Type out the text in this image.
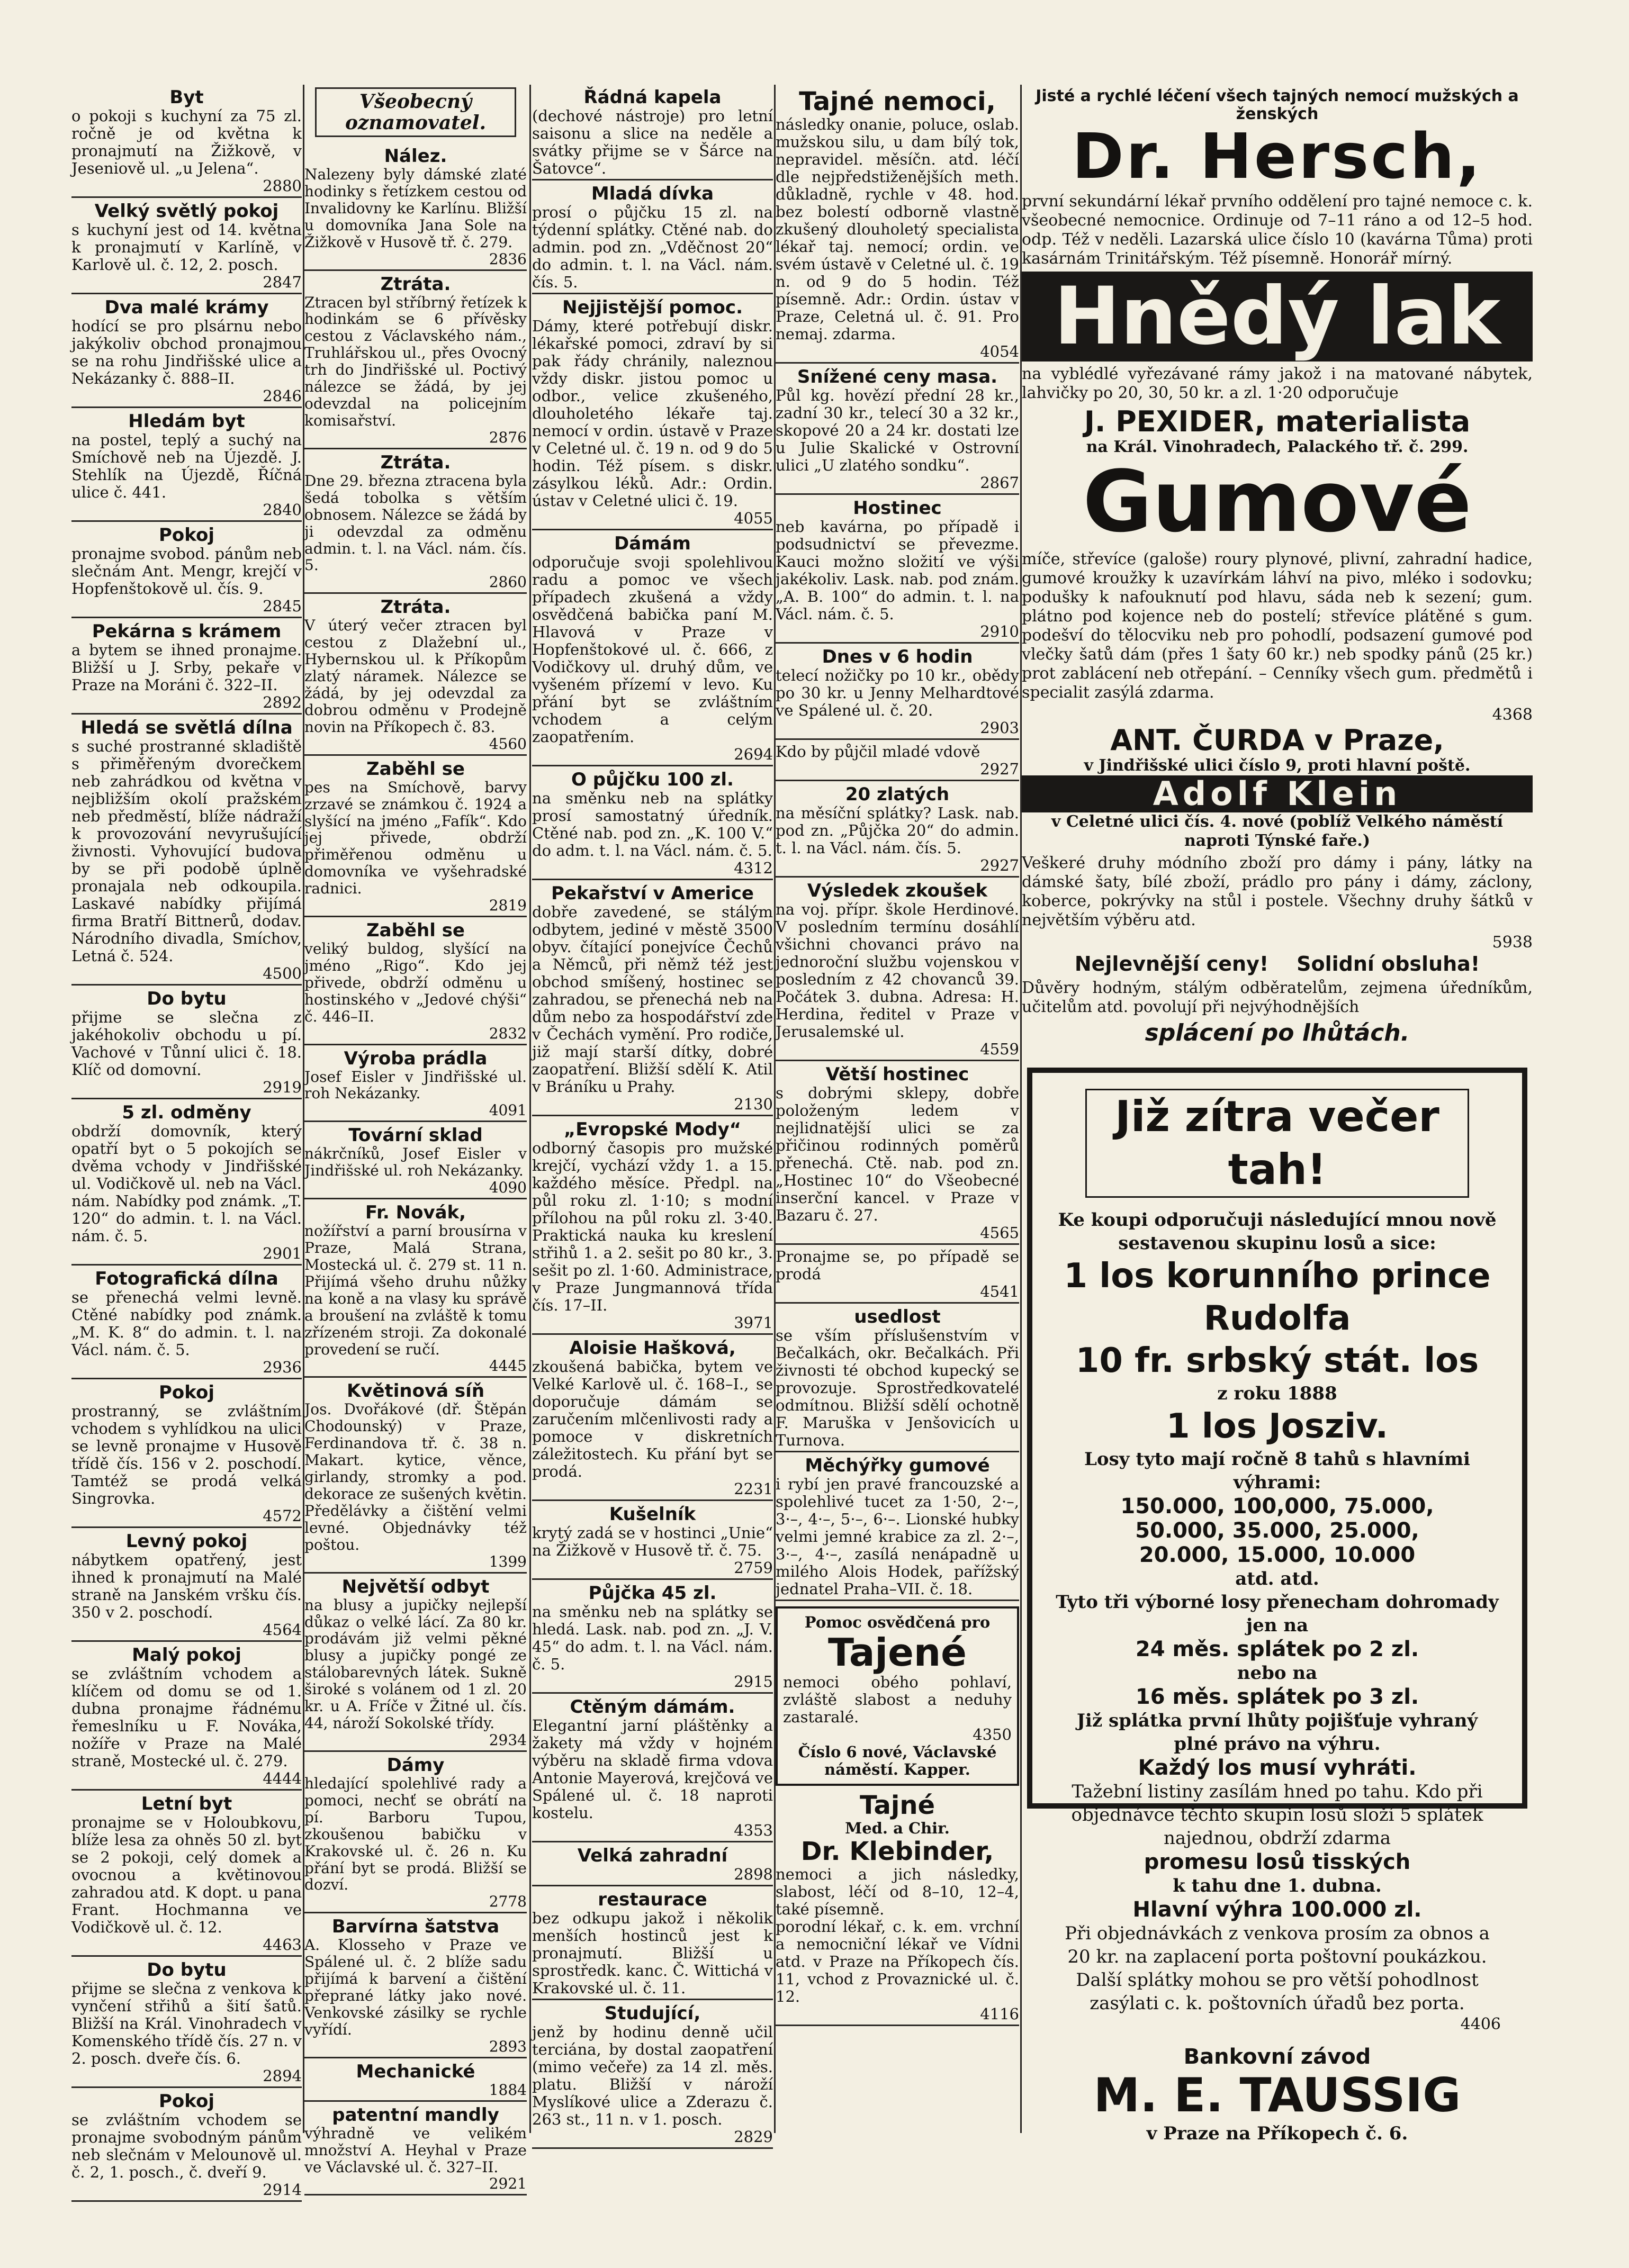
Byt
o pokoji s kuchyní za 75 zl. ročně je od května k pronajmutí na Žižkově, v Jeseniově ul. „u Jelena“.
2880
Velký světlý pokoj
s kuchyní jest od 14. května k pronajmutí v Karlíně, v Karlově ul. č. 12, 2. posch.
2847
Dva malé krámy
hodící se pro plsárnu nebo jakýkoliv obchod pronajmou se na rohu Jindřišské ulice a Nekázanky č. 888–II.
2846
Hledám byt
na postel, teplý a suchý na Smíchově neb na Újezdě. J. Stehlík na Újezdě, Říčná ulice č. 441.
2840
Pokoj
pronajme svobod. pánům neb slečnám Ant. Mengr, krejčí v Hopfenštokově ul. čís. 9.
2845
Pekárna s krámem
a bytem se ihned pronajme. Bližší u J. Srby, pekaře v Praze na Moráni č. 322–II.
2892
Hledá se světlá dílna
s suché prostranné skladiště s přiměřeným dvorečkem neb zahrádkou od května v nejbližším okolí pražském neb předměstí, blíže nádraží k provozování nevyrušující živnosti. Vyhovující budova by se při podobě úplně pronajala neb odkoupila. Laskavé nabídky přijímá firma Bratří Bittnerů, dodav. Národního divadla, Smíchov, Letná č. 524.
4500
Do bytu
přijme se slečna z jakéhokoliv obchodu u pí. Vachové v Tůnní ulici č. 18. Klíč od domovní.
2919
5 zl. odměny
obdrží domovník, který opatří byt o 5 pokojích se dvěma vchody v Jindřišské ul. Vodičkově ul. neb na Václ. nám. Nabídky pod známk. „T. 120“ do admin. t. l. na Václ. nám. č. 5.
2901
Fotografická dílna
se přenechá velmi levně. Ctěné nabídky pod známk. „M. K. 8“ do admin. t. l. na Václ. nám. č. 5.
2936
Pokoj
prostranný, se zvláštním vchodem s vyhlídkou na ulici se levně pronajme v Husově třídě čís. 156 v 2. poschodí. Tamtéž se prodá velká Singrovka.
4572
Levný pokoj
nábytkem opatřený, jest ihned k pronajmutí na Malé straně na Janském vršku čís. 350 v 2. poschodí.
4564
Malý pokoj
se zvláštním vchodem a klíčem od domu se od 1. dubna pronajme řádnému řemeslníku u F. Nováka, nožíře v Praze na Malé straně, Mostecké ul. č. 279.
4444
Letní byt
pronajme se v Holoubkovu, blíže lesa za ohněs 50 zl. byt se 2 pokoji, celý domek a ovocnou a květinovou zahradou atd. K dopt. u pana Frant. Hochmanna ve Vodičkově ul. č. 12.
4463
Do bytu
přijme se slečna z venkova k vynčení střihů a šití šatů. Bližší na Král. Vinohradech v Komenského třídě čís. 27 n. v 2. posch. dveře čís. 6.
2894
Pokoj
se zvláštním vchodem se pronajme svobodným pánům neb slečnám v Melounově ul. č. 2, 1. posch., č. dveří 9.
2914
Všeobecný oznamovatel.
Nález.
Nalezeny byly dámské zlaté hodinky s řetízkem cestou od Invalidovny ke Karlínu. Bližší u domovníka Jana Sole na Žižkově v Husově tř. č. 279.
2836
Ztráta.
Ztracen byl stříbrný řetízek k hodinkám se 6 přívěsky cestou z Václavského nám., Truhlářskou ul., přes Ovocný trh do Jindřišské ul. Poctivý nálezce se žádá, by jej odevzdal na policejním komisařství.
2876
Ztráta.
Dne 29. března ztracena byla šedá tobolka s větším obnosem. Nálezce se žádá by ji odevzdal za odměnu admin. t. l. na Václ. nám. čís. 5.
2860
Ztráta.
V úterý večer ztracen byl cestou z Dlažební ul., Hybernskou ul. k Příkopům zlatý náramek. Nálezce se žádá, by jej odevzdal za dobrou odměnu v Prodejně novin na Příkopech č. 83.
4560
Zaběhl se
pes na Smíchově, barvy zrzavé se známkou č. 1924 a slyšící na jméno „Fafík“. Kdo jej přivede, obdrží přiměřenou odměnu u domovníka ve vyšehradské radnici.
2819
Zaběhl se
veliký buldog, slyšící na jméno „Rigo“. Kdo jej přivede, obdrží odměnu u hostinského v „Jedové chýši“ č. 446–II.
2832
Výroba prádla
Josef Eisler v Jindřišské ul. roh Nekázanky.
4091
Tovární sklad
nákrčníků, Josef Eisler v Jindřišské ul. roh Nekázanky.
4090
Fr. Novák,
nožířství a parní brousírna v Praze, Malá Strana, Mostecká ul. č. 279 st. 11 n. Přijímá všeho druhu nůžky na koně a na vlasy ku správě a broušení na zvláště k tomu zřízeném stroji. Za dokonalé provedení se ručí.
4445
Květinová síň
Jos. Dvořákové (dř. Štěpán Chodounský) v Praze, Ferdinandova tř. č. 38 n. Makart. kytice, věnce, girlandy, stromky a pod. dekorace ze sušených květin. Předělávky a čištění velmi levné. Objednávky též poštou.
1399
Největší odbyt
na blusy a jupičky nejlepší důkaz o velké lácí. Za 80 kr. prodávám již velmi pěkné blusy a jupičky pongé ze stálobarevných látek. Sukně široké s volánem od 1 zl. 20 kr. u A. Fríče v Žitné ul. čís. 44, nároží Sokolské třídy.
2934
Dámy
hledající spolehlivé rady a pomoci, nechť se obrátí na pí. Barboru Tupou, zkoušenou babičku v Krakovské ul. č. 26 n. Ku přání byt se prodá. Bližší se dozví.
2778
Barvírna šatstva
A. Klosseho v Praze ve Spálené ul. č. 2 blíže sadu přijímá k barvení a čištění přeprané látky jako nové. Venkovské zásilky se rychle vyřídí.
2893
Mechanické
1884
patentní mandly
výhradně ve velikém množství A. Heyhal v Praze ve Václavské ul. č. 327–II.
2921
Řádná kapela
(dechové nástroje) pro letní saisonu a slice na neděle a svátky přijme se v Šárce na Šatovce“.
Mladá dívka
prosí o půjčku 15 zl. na týdenní splátky. Ctěné nab. do admin. pod zn. „Vděčnost 20“ do admin. t. l. na Václ. nám. čís. 5.
Nejjistější pomoc.
Dámy, které potřebují diskr. lékařské pomoci, zdraví by si pak řády chránily, naleznou vždy diskr. jistou pomoc u odbor., velice zkušeného, dlouholetého lékaře taj. nemocí v ordin. ústavě v Praze v Celetné ul. č. 19 n. od 9 do 5 hodin. Též písem. s diskr. zásylkou léků. Adr.: Ordin. ústav v Celetné ulici č. 19.
4055
Dámám
odporučuje svoji spolehlivou radu a pomoc ve všech případech zkušená a vždy osvědčená babička paní M. Hlavová v Praze v Hopfenštokové ul. č. 666, z Vodičkovy ul. druhý dům, ve vyšeném přízemí v levo. Ku přání byt se zvláštním vchodem a celým zaopatřením.
2694
O půjčku 100 zl.
na směnku neb na splátky prosí samostatný úředník. Ctěné nab. pod zn. „K. 100 V.“ do adm. t. l. na Václ. nám. č. 5.
4312
Pekařství v Americe
dobře zavedené, se stálým odbytem, jediné v městě 3500 obyv. čítající ponejvíce Čechů a Němců, při němž též jest obchod smíšený, hostinec se zahradou, se přenechá neb na dům nebo za hospodářství zde v Čechách vymění. Pro rodiče, již mají starší dítky, dobré zaopatření. Bližší sdělí K. Atil v Bráníku u Prahy.
2130
„Evropské Mody“
odborný časopis pro mužské krejčí, vychází vždy 1. a 15. každého měsíce. Předpl. na půl roku zl. 1·10; s modní přílohou na půl roku zl. 3·40. Praktická nauka ku kreslení střihů 1. a 2. sešit po 80 kr., 3. sešit po zl. 1·60. Administrace, v Praze Jungmannová třída čís. 17–II.
3971
Aloisie Hašková,
zkoušená babička, bytem ve Velké Karlově ul. č. 168–I., se doporučuje dámám se zaručením mlčenlivosti rady a pomoce v diskretních záležitostech. Ku přání byt se prodá.
2231
Kušelník
krytý zadá se v hostinci „Unie“ na Žižkově v Husově tř. č. 75.
2759
Půjčka 45 zl.
na směnku neb na splátky se hledá. Lask. nab. pod zn. „J. V. 45“ do adm. t. l. na Václ. nám. č. 5.
2915
Ctěným dámám.
Elegantní jarní pláštěnky a žakety má vždy v hojném výběru na skladě firma vdova Antonie Mayerová, krejčová ve Spálené ul. č. 18 naproti kostelu.
4353
Velká zahradní
2898
restaurace
bez odkupu jakož i několik menších hostinců jest k pronajmutí. Bližší u sprostředk. kanc. Č. Wittichá v Krakovské ul. č. 11.
Studující,
jenž by hodinu denně učil terciána, by dostal zaopatření (mimo večeře) za 14 zl. měs. platu. Bližší v nároží Myslíkové ulice a Zderazu č. 263 st., 11 n. v 1. posch.
2829
Tajné nemoci,
následky onanie, poluce, oslab. mužskou silu, u dam bílý tok, nepravidel. měsíčn. atd. léčí dle nejpředstiženějších meth. důkladně, rychle v 48. hod. bez bolestí odborně vlastně zkušený dlouholetý specialista lékař taj. nemocí; ordin. ve svém ústavě v Celetné ul. č. 19 n. od 9 do 5 hodin. Též písemně. Adr.: Ordin. ústav v Praze, Celetná ul. č. 91. Pro nemaj. zdarma.
4054
Snížené ceny masa.
Půl kg. hovězí přední 28 kr., zadní 30 kr., telecí 30 a 32 kr., skopové 20 a 24 kr. dostati lze u Julie Skalické v Ostrovní ulici „U zlatého sondku“.
2867
Hostinec
neb kavárna, po případě i podsudnictví se převezme. Kauci možno složití ve výši jakékoliv. Lask. nab. pod znám. „A. B. 100“ do admin. t. l. na Václ. nám. č. 5.
2910
Dnes v 6 hodin
telecí nožičky po 10 kr., obědy po 30 kr. u Jenny Melhardtové ve Spálené ul. č. 20.
2903
Kdo by půjčil mladé vdově
2927
20 zlatých
na měsíční splátky? Lask. nab. pod zn. „Půjčka 20“ do admin. t. l. na Václ. nám. čís. 5.
2927
Výsledek zkoušek
na voj. přípr. škole Herdinové. V posledním termínu dosáhlí všichni chovanci právo na jednoroční službu vojenskou v posledním z 42 chovanců 39. Počátek 3. dubna. Adresa: H. Herdina, ředitel v Praze v Jerusalemské ul.
4559
Větší hostinec
s dobrými sklepy, dobře položeným ledem v nejlidnatější ulici se za přičinou rodinných poměrů přenechá. Ctě. nab. pod zn. „Hostinec 10“ do Všeobecné inserční kancel. v Praze v Bazaru č. 27.
4565
Pronajme se, po případě se prodá
4541
usedlost
se vším příslušenstvím v Bečalkách, okr. Bečalkách. Při živnosti té obchod kupecký se provozuje. Sprostředkovatelé odmítnou. Bližší sdělí ochotně F. Maruška v Jenšovicích u Turnova.
Měchýřky gumové
i rybí jen pravé francouzské a spolehlivé tucet za 1·50, 2·–, 3·–, 4·–, 5·–, 6·–. Lionské hubky velmi jemné krabice za zl. 2·–, 3·–, 4·–, zasílá nenápadně u milého Alois Hodek, pařížský jednatel Praha–VII. č. 18.
Pomoc osvědčená pro
Tajené
nemoci obého pohlaví, zvláště slabost a neduhy zastaralé.
4350
Číslo 6 nové, Václavské náměstí. Kapper.
Tajné
Med. a Chir.
Dr. Klebinder,
nemoci a jich následky, slabost, léčí od 8–10, 12–4, také písemně.
porodní lékař, c. k. em. vrchní a nemocniční lékař ve Vídni atd. v Praze na Příkopech čís. 11, vchod z Provaznické ul. č. 12.
4116
Jisté a rychlé léčení všech tajných nemocí mužských a ženských
Dr. Hersch,
první sekundární lékař prvního oddělení pro tajné nemoce c. k. všeobecné nemocnice. Ordinuje od 7–11 ráno a od 12–5 hod. odp. Též v neděli. Lazarská ulice číslo 10 (kavárna Tůma) proti kasárnám Trinitářským. Též písemně. Honorář mírný.
Hnědý lak
na vyblédlé vyřezávané rámy jakož i na matované nábytek, lahvičky po 20, 30, 50 kr. a zl. 1·20 odporučuje
J. PEXIDER, materialista
na Král. Vinohradech, Palackého tř. č. 299.
Gumové
míče, střevíce (galoše) roury plynové, plivní, zahradní hadice, gumové kroužky k uzavírkám láhví na pivo, mléko i sodovku; podušky k nafouknutí pod hlavu, sáda neb k sezení; gum. plátno pod kojence neb do postelí; střevíce plátěné s gum. podešví do tělocviku neb pro pohodlí, podsazení gumové pod vlečky šatů dám (přes 1 šaty 60 kr.) neb spodky pánů (25 kr.) prot zablácení neb otřepání. – Cenníky všech gum. předmětů i specialit zasýlá zdarma.
4368
ANT. ČURDA v Praze,
v Jindřišské ulici číslo 9, proti hlavní poště.
Adolf Klein
v Celetné ulici čís. 4. nové (poblíž Velkého náměstí naproti Týnské faře.)
Veškeré druhy módního zboží pro dámy i pány, látky na dámské šaty, bílé zboží, prádlo pro pány i dámy, záclony, koberce, pokrývky na stůl i postele. Všechny druhy šátků v největším výběru atd.
5938
Nejlevnější ceny!    Solidní obsluha!
Důvěry hodným, stálým odběratelům, zejmena úředníkům, učitelům atd. povolují při nejvýhodnějších
splácení po lhůtách.
Již zítra večer tah!
Ke koupi odporučuji následující mnou nově sestavenou skupinu losů a sice:
1 los korunního prince Rudolfa
10 fr. srbský stát. los
z roku 1888
1 los Josziv.
Losy tyto mají ročně 8 tahů s hlavními výhrami:
150.000, 100,000, 75.000,
50.000, 35.000, 25.000,
20.000, 15.000, 10.000
atd. atd.
Tyto tři výborné losy přenecham dohromady jen na
24 měs. splátek po 2 zl.
nebo na
16 měs. splátek po 3 zl.
Již splátka první lhůty pojišťuje vyhraný plné právo na výhru.
Každý los musí vyhráti.
Tažební listiny zasílám hned po tahu. Kdo při objednávce těchto skupin losů složí 5 splátek najednou, obdrží zdarma
promesu losů tisských
k tahu dne 1. dubna.
Hlavní výhra 100.000 zl.
Při objednávkách z venkova prosím za obnos a 20 kr. na zaplacení porta poštovní poukázkou. Další splátky mohou se pro větší pohodlnost zasýlati c. k. poštovních úřadů bez porta.
4406
Bankovní závod
M. E. TAUSSIG
v Praze na Příkopech č. 6.
